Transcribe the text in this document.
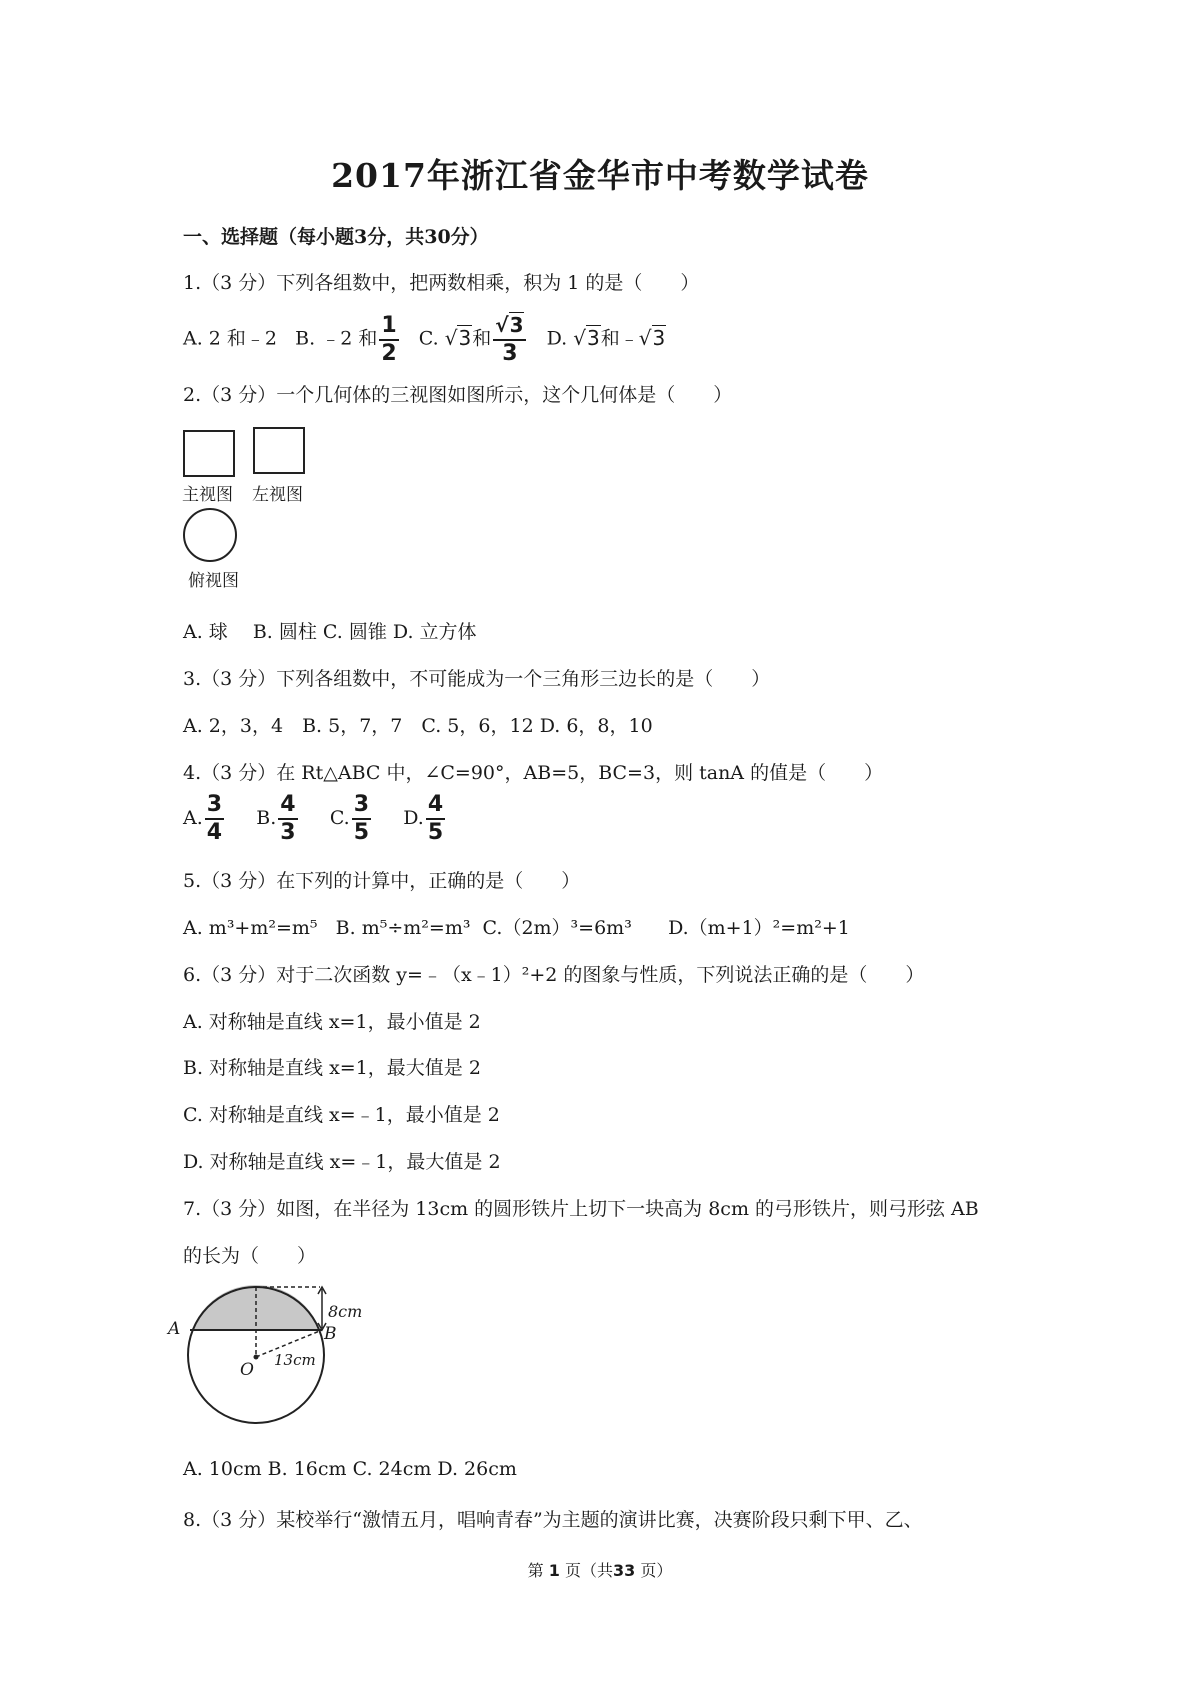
2017年浙江省金华市中考数学试卷
一、选择题（每小题3分，共30分）
1.（3 分）下列各组数中，把两数相乘，积为 1 的是（　　）
A. 2 和﹣2 B. ﹣2 和 $\frac{1}{2} C$. √3和 $\frac{√3}{3} D$. √3和﹣√3
2.（3 分）一个几何体的三视图如图所示，这个几何体是（　　）
主视图 左视图
俯视图
A. 球　 B. 圆柱 C. 圆锥 D. 立方体
3.（3 分）下列各组数中，不可能成为一个三角形三边长的是（　　）
A. 2，3，4　B. 5，7，7　C. 5，6，12 D. 6，8，10
4.（3 分）在 Rt△ABC 中，∠C=90°，AB=5，BC=3，则 tanA 的值是（　　）
A. $\frac{3}{4} B$. $\frac{4}{3} C$. $\frac{3}{5} D$. $\frac{4}{5}$
5.（3 分）在下列的计算中，正确的是（　　）
A. m³+m²=m⁵ B. m⁵÷m²=m³ C.（2m）³=6m³ D.（m+1）²=m²+1
6.（3 分）对于二次函数 y=﹣（x﹣1）²+2 的图象与性质，下列说法正确的是（　　）
A. 对称轴是直线 x=1，最小值是 2
B. 对称轴是直线 x=1，最大值是 2
C. 对称轴是直线 x=﹣1，最小值是 2
D. 对称轴是直线 x=﹣1，最大值是 2
7.（3 分）如图，在半径为 13cm 的圆形铁片上切下一块高为 8cm 的弓形铁片，则弓形弦 AB
的长为（　　）
A	B
O
8cm
13cm
A. 10cm B. 16cm C. 24cm D. 26cm
8.（3 分）某校举行“激情五月，唱响青春”为主题的演讲比赛，决赛阶段只剩下甲、乙、
第 1 页（共33 页）
